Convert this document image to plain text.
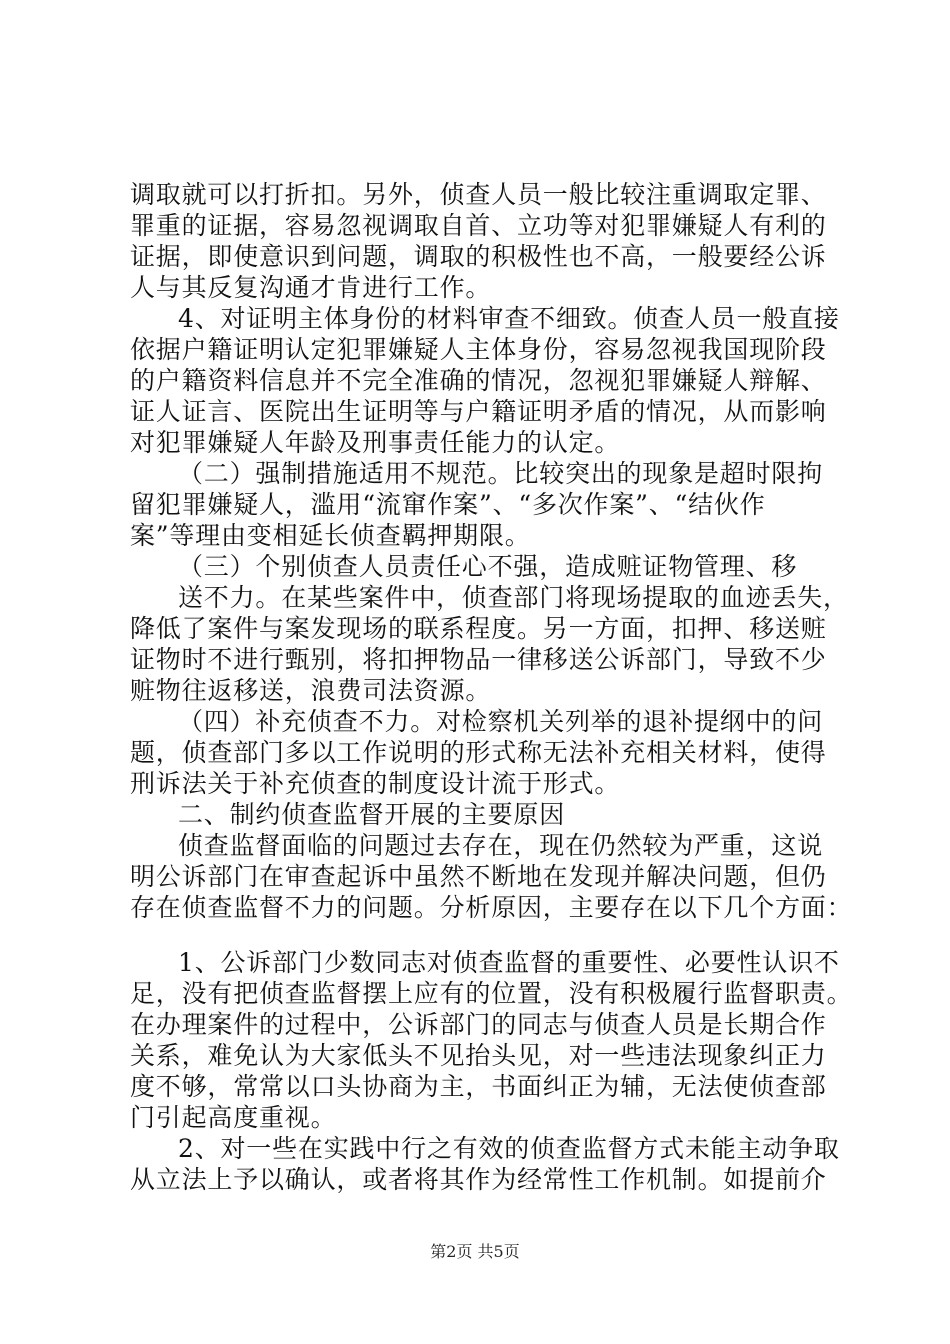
调取就可以打折扣。另外，侦查人员一般比较注重调取定罪、
罪重的证据，容易忽视调取自首、立功等对犯罪嫌疑人有利的
证据，即使意识到问题，调取的积极性也不高，一般要经公诉
人与其反复沟通才肯进行工作。
4、对证明主体身份的材料审查不细致。侦查人员一般直接
依据户籍证明认定犯罪嫌疑人主体身份，容易忽视我国现阶段
的户籍资料信息并不完全准确的情况，忽视犯罪嫌疑人辩解、
证人证言、医院出生证明等与户籍证明矛盾的情况，从而影响
对犯罪嫌疑人年龄及刑事责任能力的认定。
（二）强制措施适用不规范。比较突出的现象是超时限拘
留犯罪嫌疑人，滥用“流窜作案”、“多次作案”、“结伙作
案”等理由变相延长侦查羁押期限。
（三）个别侦查人员责任心不强，造成赃证物管理、移
送不力。在某些案件中，侦查部门将现场提取的血迹丢失，
降低了案件与案发现场的联系程度。另一方面，扣押、移送赃
证物时不进行甄别，将扣押物品一律移送公诉部门，导致不少
赃物往返移送，浪费司法资源。
（四）补充侦查不力。对检察机关列举的退补提纲中的问
题，侦查部门多以工作说明的形式称无法补充相关材料，使得
刑诉法关于补充侦查的制度设计流于形式。
二、制约侦查监督开展的主要原因
侦查监督面临的问题过去存在，现在仍然较为严重，这说
明公诉部门在审查起诉中虽然不断地在发现并解决问题，但仍
存在侦查监督不力的问题。分析原因，主要存在以下几个方面：
1、公诉部门少数同志对侦查监督的重要性、必要性认识不
足，没有把侦查监督摆上应有的位置，没有积极履行监督职责。
在办理案件的过程中，公诉部门的同志与侦查人员是长期合作
关系，难免认为大家低头不见抬头见，对一些违法现象纠正力
度不够，常常以口头协商为主，书面纠正为辅，无法使侦查部
门引起高度重视。
2、对一些在实践中行之有效的侦查监督方式未能主动争取
从立法上予以确认，或者将其作为经常性工作机制。如提前介
第2页 共5页
